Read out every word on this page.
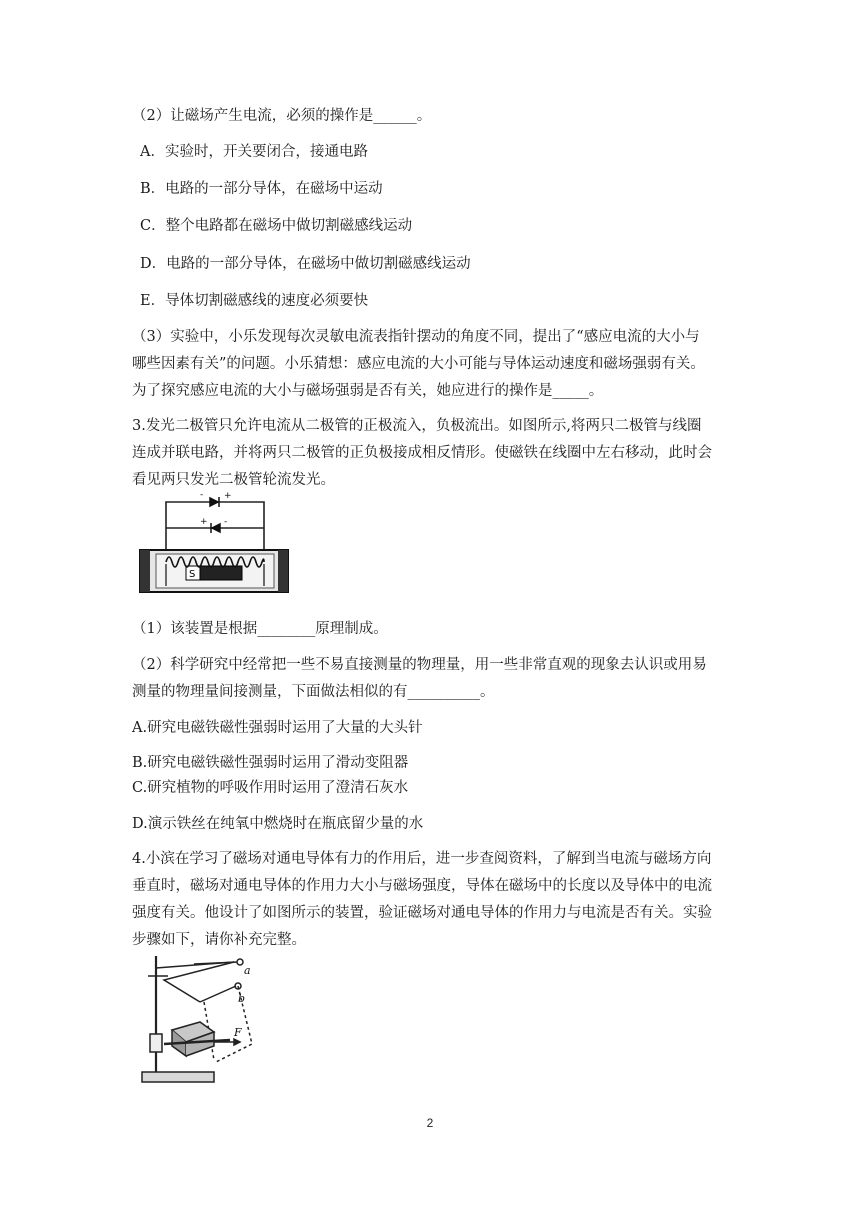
（2）让磁场产生电流，必须的操作是______。
A．实验时，开关要闭合，接通电路
B．电路的一部分导体，在磁场中运动
C．整个电路都在磁场中做切割磁感线运动
D．电路的一部分导体，在磁场中做切割磁感线运动
E．导体切割磁感线的速度必须要快
（3）实验中，小乐发现每次灵敏电流表指针摆动的角度不同，提出了“感应电流的大小与
哪些因素有关”的问题。小乐猜想：感应电流的大小可能与导体运动速度和磁场强弱有关。
为了探究感应电流的大小与磁场强弱是否有关，她应进行的操作是_____。
3.发光二极管只允许电流从二极管的正极流入，负极流出。如图所示,将两只二极管与线圈
连成并联电路，并将两只二极管的正负极接成相反情形。使磁铁在线圈中左右移动，此时会
看见两只发光二极管轮流发光。
- +
+ -
S
（1）该装置是根据________原理制成。
（2）科学研究中经常把一些不易直接测量的物理量，用一些非常直观的现象去认识或用易
测量的物理量间接测量，下面做法相似的有__________。
A.研究电磁铁磁性强弱时运用了大量的大头针
B.研究电磁铁磁性强弱时运用了滑动变阻器
C.研究植物的呼吸作用时运用了澄清石灰水
D.演示铁丝在纯氧中燃烧时在瓶底留少量的水
4.小滨在学习了磁场对通电导体有力的作用后，进一步查阅资料，了解到当电流与磁场方向
垂直时，磁场对通电导体的作用力大小与磁场强度，导体在磁场中的长度以及导体中的电流
强度有关。他设计了如图所示的装置，验证磁场对通电导体的作用力与电流是否有关。实验
步骤如下，请你补充完整。
a
b
F
2
